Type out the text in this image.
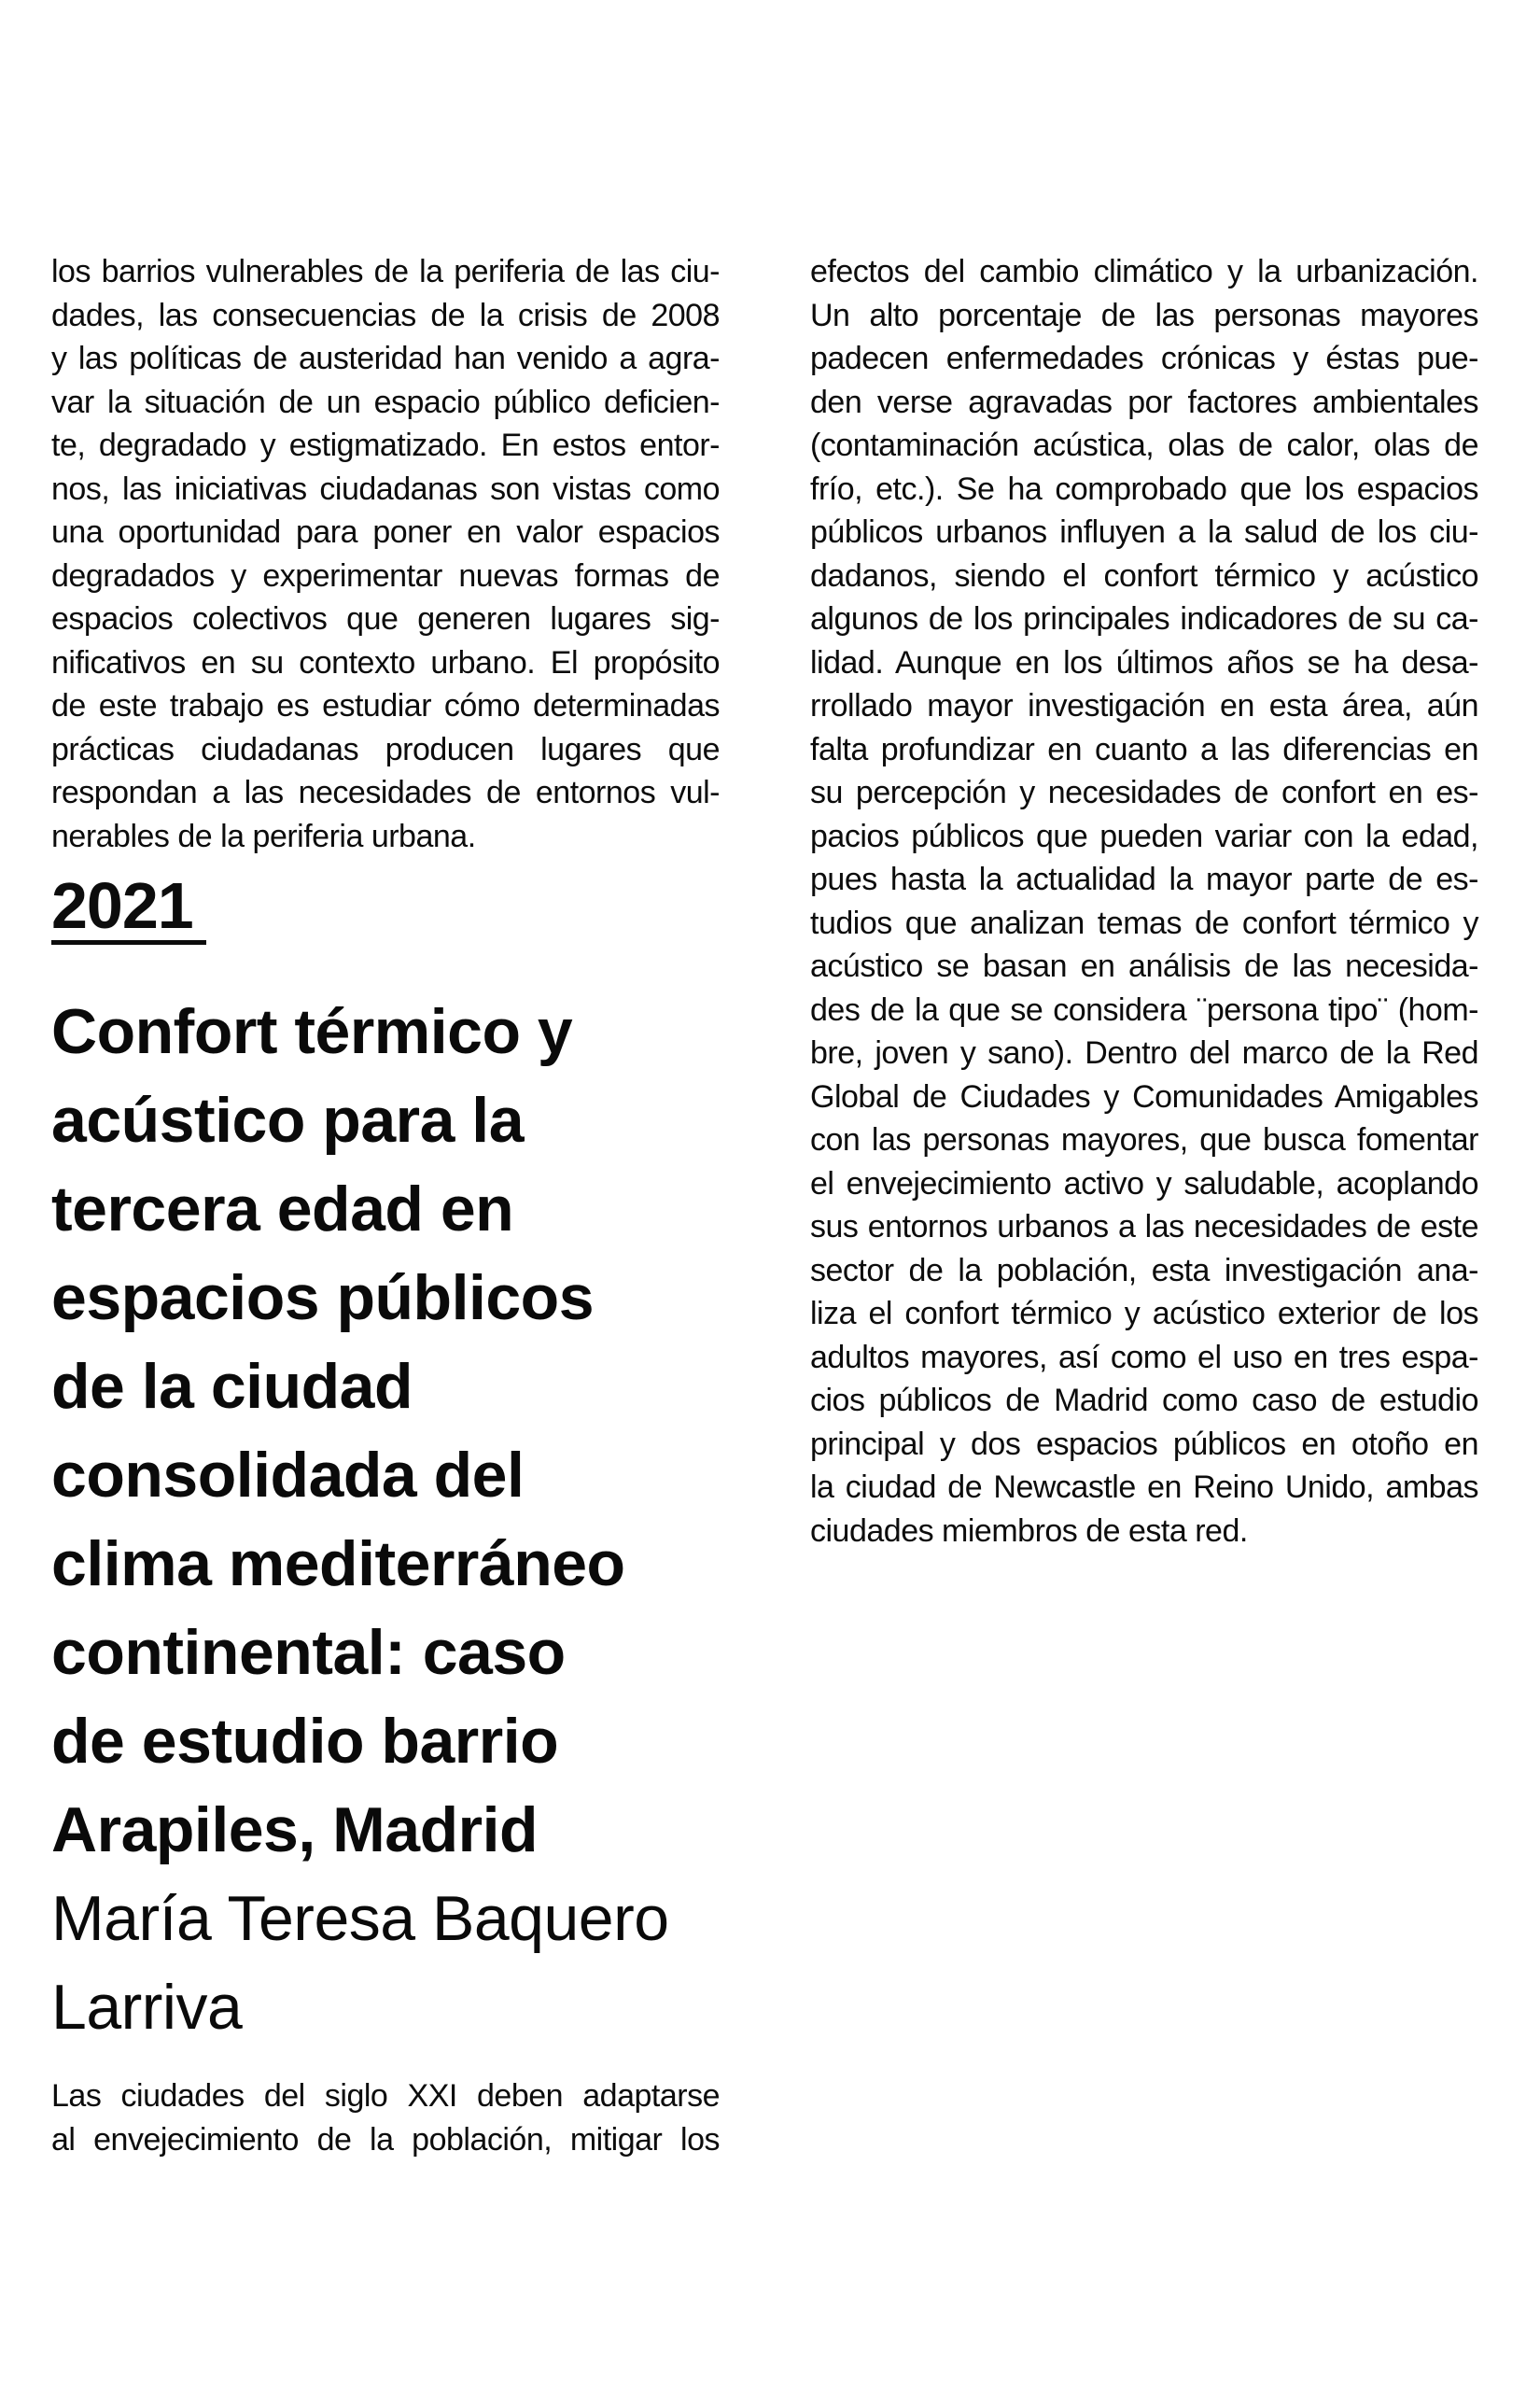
los barrios vulnerables de la periferia de las ciu-
dades, las consecuencias de la crisis de 2008
y las políticas de austeridad han venido a agra-
var la situación de un espacio público deficien-
te, degradado y estigmatizado. En estos entor-
nos, las iniciativas ciudadanas son vistas como
una oportunidad para poner en valor espacios
degradados y experimentar nuevas formas de
espacios colectivos que generen lugares sig-
nificativos en su contexto urbano. El propósito
de este trabajo es estudiar cómo determinadas
prácticas ciudadanas producen lugares que
respondan a las necesidades de entornos vul-
nerables de la periferia urbana.
2021
Confort térmico y
acústico para la
tercera edad en
espacios públicos
de la ciudad
consolidada del
clima mediterráneo
continental: caso
de estudio barrio
Arapiles, Madrid
María Teresa Baquero
Larriva
Las ciudades del siglo XXI deben adaptarse
al envejecimiento de la población, mitigar los
efectos del cambio climático y la urbanización.
Un alto porcentaje de las personas mayores
padecen enfermedades crónicas y éstas pue-
den verse agravadas por factores ambientales
(contaminación acústica, olas de calor, olas de
frío, etc.). Se ha comprobado que los espacios
públicos urbanos influyen a la salud de los ciu-
dadanos, siendo el confort térmico y acústico
algunos de los principales indicadores de su ca-
lidad. Aunque en los últimos años se ha desa-
rrollado mayor investigación en esta área, aún
falta profundizar en cuanto a las diferencias en
su percepción y necesidades de confort en es-
pacios públicos que pueden variar con la edad,
pues hasta la actualidad la mayor parte de es-
tudios que analizan temas de confort térmico y
acústico se basan en análisis de las necesida-
des de la que se considera ¨persona tipo¨ (hom-
bre, joven y sano). Dentro del marco de la Red
Global de Ciudades y Comunidades Amigables
con las personas mayores, que busca fomentar
el envejecimiento activo y saludable, acoplando
sus entornos urbanos a las necesidades de este
sector de la población, esta investigación ana-
liza el confort térmico y acústico exterior de los
adultos mayores, así como el uso en tres espa-
cios públicos de Madrid como caso de estudio
principal y dos espacios públicos en otoño en
la ciudad de Newcastle en Reino Unido, ambas
ciudades miembros de esta red.
